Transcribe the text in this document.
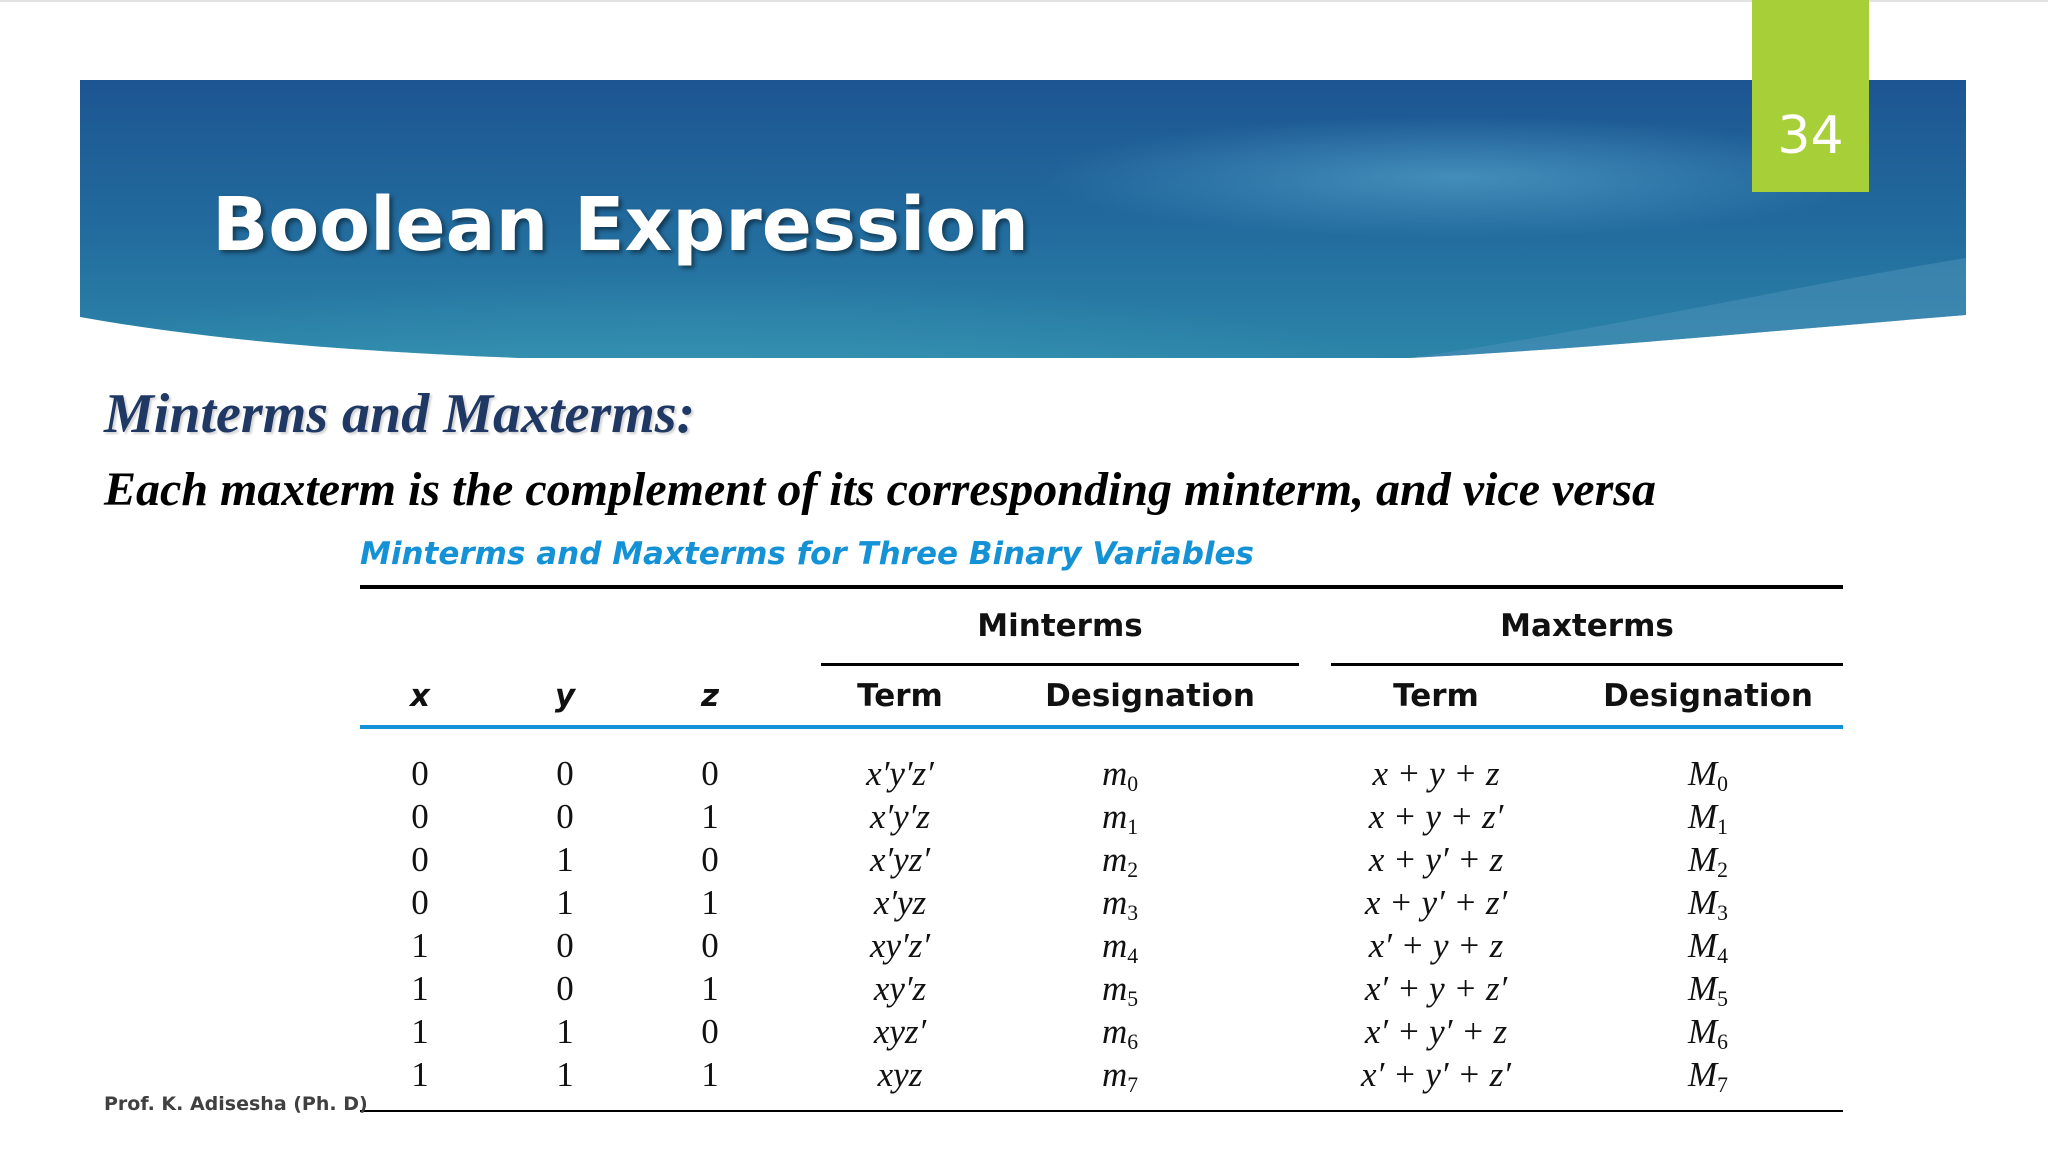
34
Boolean Expression
Minterms and Maxterms:

Each maxterm is the complement of its corresponding minterm, and vice versa

Minterms and Maxterms for Three Binary Variables

Minterms	Maxterms
x	y	z	Term	Designation	Term	Designation
0	0	0	x′y′z′	$m_0$	x + y + z	$M_0$
0	0	1	x′y′z	$m_1$	x + y + z′	$M_1$
0	1	0	x′yz′	$m_2$	x + y′ + z	$M_2$
0	1	1	x′yz	$m_3$	x + y′ + z′	$M_3$
1	0	0	xy′z′	$m_4$	x′ + y + z	$M_4$
1	0	1	xy′z	$m_5$	x′ + y + z′	$M_5$
1	1	0	xyz′	$m_6$	x′ + y′ + z	$M_6$
1	1	1	xyz	$m_7$	x′ + y′ + z′	$M_7$

Prof. K. Adisesha (Ph. D)
